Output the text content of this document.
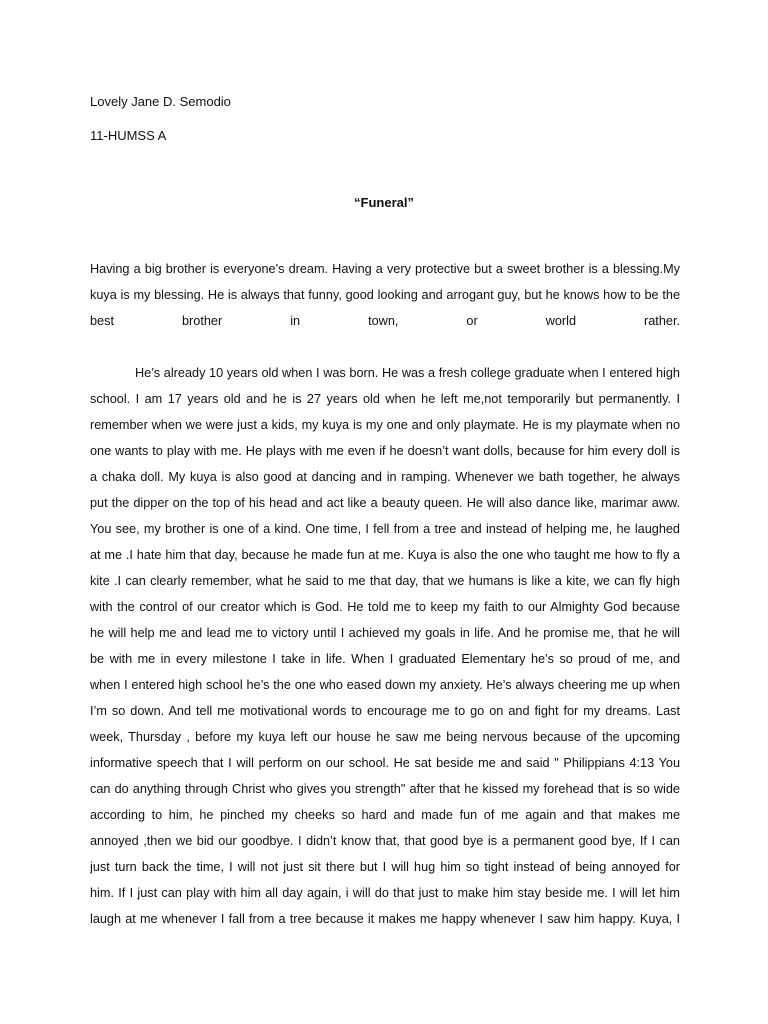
Lovely Jane D. Semodio
11-HUMSS A
“Funeral”
Having a big brother is everyone’s dream. Having a very protective but a sweet brother is a blessing.My
kuya is my blessing. He is always that funny, good looking and arrogant guy, but he knows how to be the
best brother in town, or world rather.
He’s already 10 years old when I was born. He was a fresh college graduate when I entered high
school. I am 17 years old and he is 27 years old when he left me,not temporarily but permanently. I
remember when we were just a kids, my kuya is my one and only playmate. He is my playmate when no
one wants to play with me. He plays with me even if he doesn’t want dolls, because for him every doll is
a chaka doll. My kuya is also good at dancing and in ramping. Whenever we bath together, he always
put the dipper on the top of his head and act like a beauty queen. He will also dance like, marimar aww.
You see, my brother is one of a kind. One time, I fell from a tree and instead of helping me, he laughed
at me .I hate him that day, because he made fun at me. Kuya is also the one who taught me how to fly a
kite .I can clearly remember, what he said to me that day, that we humans is like a kite, we can fly high
with the control of our creator which is God. He told me to keep my faith to our Almighty God because
he will help me and lead me to victory until I achieved my goals in life. And he promise me, that he will
be with me in every milestone I take in life. When I graduated Elementary he’s so proud of me, and
when I entered high school he’s the one who eased down my anxiety. He’s always cheering me up when
I’m so down. And tell me motivational words to encourage me to go on and fight for my dreams. Last
week, Thursday , before my kuya left our house he saw me being nervous because of the upcoming
informative speech that I will perform on our school. He sat beside me and said " Philippians 4:13 You
can do anything through Christ who gives you strength" after that he kissed my forehead that is so wide
according to him, he pinched my cheeks so hard and made fun of me again and that makes me
annoyed ,then we bid our goodbye. I didn’t know that, that good bye is a permanent good bye, If I can
just turn back the time, I will not just sit there but I will hug him so tight instead of being annoyed for
him. If I just can play with him all day again, i will do that just to make him stay beside me. I will let him
laugh at me whenever I fall from a tree because it makes me happy whenever I saw him happy. Kuya, I
